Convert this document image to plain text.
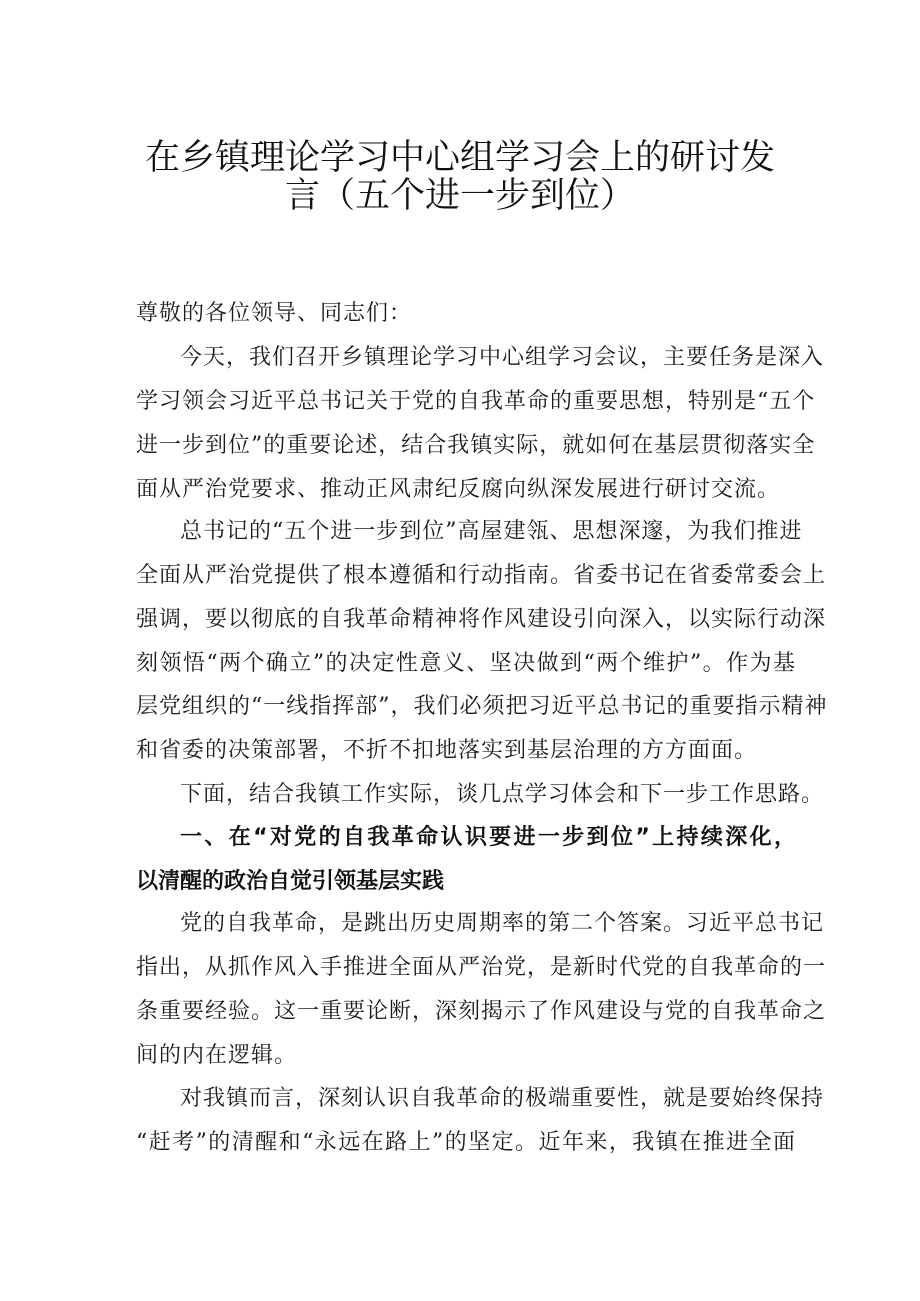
在乡镇理论学习中心组学习会上的研讨发
言（五个进一步到位）
尊敬的各位领导、同志们：
今天，我们召开乡镇理论学习中心组学习会议，主要任务是深入
学习领会习近平总书记关于党的自我革命的重要思想，特别是“五个
进一步到位”的重要论述，结合我镇实际，就如何在基层贯彻落实全
面从严治党要求、推动正风肃纪反腐向纵深发展进行研讨交流。
总书记的“五个进一步到位”高屋建瓴、思想深邃，为我们推进
全面从严治党提供了根本遵循和行动指南。省委书记在省委常委会上
强调，要以彻底的自我革命精神将作风建设引向深入，以实际行动深
刻领悟“两个确立”的决定性意义、坚决做到“两个维护”。作为基
层党组织的“一线指挥部”，我们必须把习近平总书记的重要指示精神
和省委的决策部署，不折不扣地落实到基层治理的方方面面。
下面，结合我镇工作实际，谈几点学习体会和下一步工作思路。
一、在“对党的自我革命认识要进一步到位”上持续深化，
以清醒的政治自觉引领基层实践
党的自我革命，是跳出历史周期率的第二个答案。习近平总书记
指出，从抓作风入手推进全面从严治党，是新时代党的自我革命的一
条重要经验。这一重要论断，深刻揭示了作风建设与党的自我革命之
间的内在逻辑。
对我镇而言，深刻认识自我革命的极端重要性，就是要始终保持
“赶考”的清醒和“永远在路上”的坚定。近年来，我镇在推进全面
